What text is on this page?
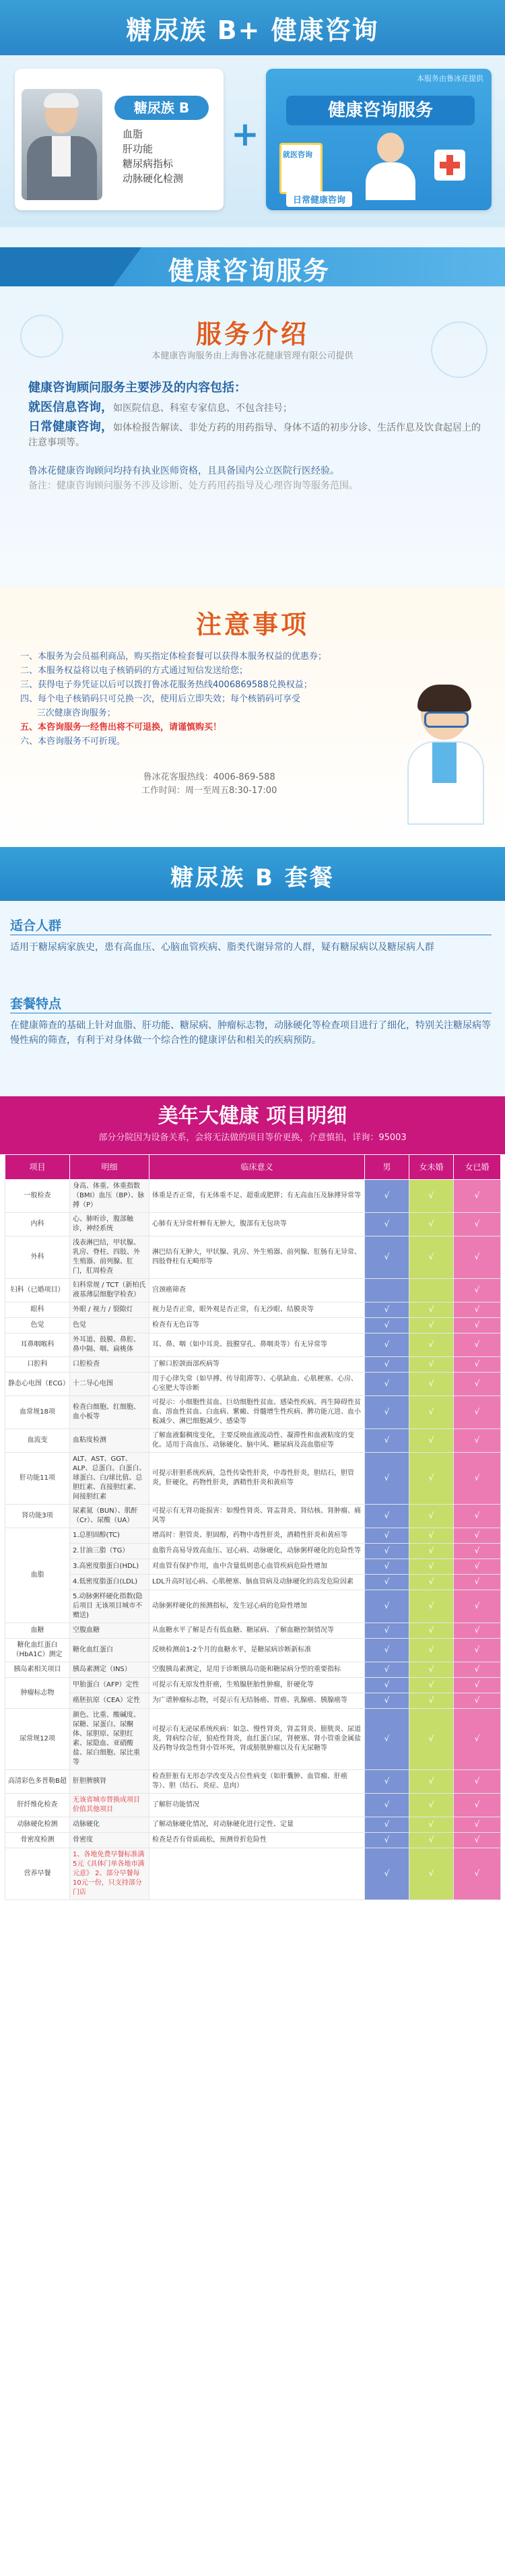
糖尿族 B+ 健康咨询
糖尿族 B
血脂
肝功能
糖尿病指标
动脉硬化检测
+
本服务由鲁冰花提供
健康咨询服务
就医咨询
日常健康咨询
健康咨询服务
服务介绍
本健康咨询服务由上海鲁冰花健康管理有限公司提供
健康咨询顾问服务主要涉及的内容包括：
就医信息咨询，如医院信息、科室专家信息、不包含挂号；
日常健康咨询，如体检报告解读、非处方药的用药指导、身体不适的初步分诊、生活作息及饮食起居上的注意事项等。
鲁冰花健康咨询顾问均持有执业医师资格，且具备国内公立医院行医经验。
备注：健康咨询顾问服务不涉及诊断、处方药用药指导及心理咨询等服务范围。
注意事项
一、本服务为会员福利商品，购买指定体检套餐可以获得本服务权益的优惠券；
二、本服务权益将以电子核销码的方式通过短信发送给您；
三、获得电子券凭证以后可以拨打鲁冰花服务热线4006869588兑换权益；
四、每个电子核销码只可兑换一次，使用后立即失效；每个核销码可享受
三次健康咨询服务；
五、本咨询服务一经售出将不可退换，请谨慎购买！
六、本咨询服务不可折现。
鲁冰花客服热线：4006-869-588
工作时间：周一至周五8:30-17:00
糖尿族 B 套餐
适合人群
适用于糖尿病家族史，患有高血压、心脑血管疾病、脂类代谢异常的人群，疑有糖尿病以及糖尿病人群
套餐特点
在健康筛查的基础上针对血脂、肝功能、糖尿病、肿瘤标志物，动脉硬化等检查项目进行了细化，特别关注糖尿病等慢性病的筛查，有利于对身体做一个综合性的健康评估和相关的疾病预防。
美年大健康 项目明细
部分分院因为设备关系，会将无法做的项目等价更换，介意慎拍，详询：95003
项目	明细	临床意义	男	女未婚	女已婚
一般检查	身高、体重、体重指数（BMI）血压（BP）、脉搏（P）	体重是否正常，有无体重不足、超重或肥胖；有无高血压及脉搏异常等	√	√	√
内科	心、肺听诊，腹部触诊，神经系统	心肺有无异常杆蝉有无肿大，腹部有无包块等	√	√	√
外科	浅表淋巴结，甲状腺、乳房、脊柱、四肢、外生殖器、前列腺、肛门，肛周检查	淋巴结有无肿大，甲状腺、乳房、外生殖器、前列腺、肛肠有无异常、四肢脊柱有无畸形等	√	√	√
妇科（已婚项目）	妇科常规 / TCT（新柏氏液基薄层细胞学检查）	宫颈癌筛查			√
眼科	外眼 / 视力 / 裂隙灯	视力是否正常，眼外观是否正常，有无沙眼、结膜炎等	√	√	√
色觉	色觉	检查有无色盲等	√	√	√
耳鼻咽喉科	外耳道、鼓膜、鼻腔、鼻中隔、咽、扁桃体	耳、鼻、咽（如中耳炎、鼓膜穿孔、鼻咽炎等）有无异常等	√	√	√
口腔科	口腔检查	了解口腔颌面部疾病等	√	√	√
静态心电图（ECG）	十二导心电图	用于心律失常（如早搏、传导阻滞等）、心肌缺血、心肌梗塞、心房、心室肥大等诊断	√	√	√
血常规18项	检查白细胞、红细胞、血小板等	可提示：小细胞性贫血、巨幼细胞性贫血、感染性疾病、再生障碍性贫血、溶血性贫血、白血病、紫癜、骨髓增生性疾病、脾功能亢进、血小板减少、淋巴细胞减少、感染等	√	√	√
血流变	血粘度检测	了解血液黏稠度变化，主要反映血液流动性、凝滞性和血液粘度的变化。适用于高血压、动脉硬化、脑中风、糖尿病及高血脂症等	√	√	√
肝功能11项	ALT、AST、GGT、ALP、总蛋白、白蛋白、球蛋白、白/球比值、总胆红素、直接胆红素、间接胆红素	可提示肝胆系统疾病，急性传染性肝炎，中毒性肝炎，胆结石，胆管炎，肝硬化，药物性肝炎，酒精性肝炎和黄疸等	√	√	√
肾功能3项	尿素氮（BUN）、肌酐（Cr）、尿酸（UA）	可提示有无肾功能损害：如慢性肾炎、肾盂肾炎、肾结核、肾肿瘤、痛风等	√	√	√
血脂	1.总胆固醇(TC)	增高时：胆管炎、胆固醇，药物中毒性肝炎，酒精性肝炎和黄疸等	√	√	√
	2.甘油三脂（TG）	血脂升高易导致高血压、冠心病、动脉硬化，动脉粥样硬化的危险性等	√	√	√
	3.高密度脂蛋白(HDL)	对血管有保护作用，血中含量低则患心血管疾病危险性增加	√	√	√
	4.低密度脂蛋白(LDL)	LDL升高时冠心病、心肌梗塞、脑血管病及动脉硬化的高发危险因素	√	√	√
	5.动脉粥样硬化指数(隐后项目 无该项目城市不赠送)	动脉粥样硬化的预测指标，发生冠心病的危险性增加	√	√	√
血糖	空腹血糖	从血糖水平了解是否有低血糖、糖尿病、了解血糖控制情况等	√	√	√
糖化血红蛋白（HbA1C）测定	糖化血红蛋白	反映检测前1-2个月的血糖水平，是糖尿病诊断新标准	√	√	√
胰岛素相关项目	胰岛素测定（INS）	空腹胰岛素测定，是用于诊断胰岛功能和糖尿病分型的重要指标	√	√	√
肿瘤标志物	甲胎蛋白（AFP）定性	可提示有无原发性肝癌，生殖腺胚胎性肿瘤，肝硬化等	√	√	√
	癌胚抗原（CEA）定性	为广谱肿瘤标志物，可提示有无结肠癌、胃癌、乳腺癌、胰腺癌等	√	√	√
尿常规12项	颜色、比重、酸碱度、尿糖、尿蛋白、尿酮体、尿胆原、尿胆红素、尿隐血、亚硝酸盐、尿白细胞、尿比重等	可提示有无泌尿系统疾病：如急、慢性肾炎，肾盂肾炎、膀胱炎、尿道炎，肾病综合征，狼疮性肾炎，血红蛋白尿，肾梗塞、肾小管重金属盐及药物导致急性肾小管坏死，肾或膀胱肿瘤以及有无尿糖等	√	√	√
高清彩色多普勒B超	肝胆脾胰肾	检查肝脏有无形态学改变及占位性病变（如肝囊肿、血管瘤、肝癌等）、胆（结石、炎症、息肉）	√	√	√
肝纤维化检查	无该省城市替换成项目价值其他项目	了解肝功能情况	√	√	√
动脉硬化检测	动脉硬化	了解动脉硬化情况，对动脉硬化进行定性、定量	√	√	√
骨密度检测	骨密度	检查是否有骨质疏松，预测骨折危险性	√	√	√
营养早餐	1、各地免费早餐标准满5元《具体门单各地市满元意》 2、部分早餐每10元一份，只支持部分门店		√	√	√
